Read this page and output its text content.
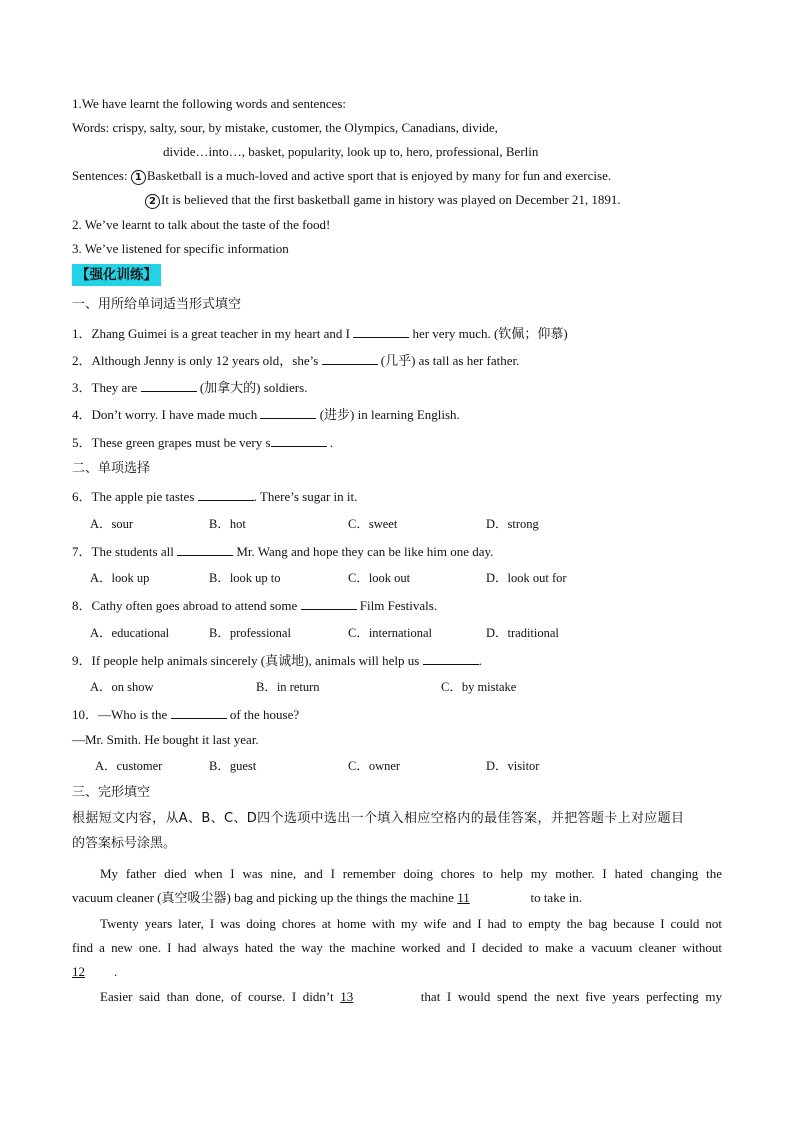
1.We have learnt the following words and sentences:
Words: crispy, salty, sour, by mistake, customer, the Olympics, Canadians, divide,
divide…into…, basket, popularity, look up to, hero, professional, Berlin
Sentences: 1 Basketball is a much-loved and active sport that is enjoyed by many for fun and exercise.
2 It is believed that the first basketball game in history was played on December 21, 1891.
2. We’ve learnt to talk about the taste of the food!
3. We’ve listened for specific information
【强化训练】
一、用所给单词适当形式填空
1．Zhang Guimei is a great teacher in my heart and I	her very much. (钦佩；仰慕)
2．Although Jenny is only 12 years old，she’s	(几乎) as tall as her father.
3．They are	(加拿大的) soldiers.
4．Don’t worry. I have made much	(进步) in learning English.
5．These green grapes must be very s	.
二、单项选择
6．The apple pie tastes	. There’s sugar in it.
A．sour	B．hot	C．sweet	D．strong
7．The students all	Mr. Wang and hope they can be like him one day.
A．look up	B．look up to	C．look out	D．look out for
8．Cathy often goes abroad to attend some	Film Festivals.
A．educational	B．professional	C．international	D．traditional
9．If people help animals sincerely (真诚地), animals will help us	.
A．on show	B．in return	C．by mistake
10．—Who is the	of the house?
—Mr. Smith. He bought it last year.
A．customer	B．guest	C．owner	D．visitor
三、完形填空
根据短文内容，从A、B、C、D四个选项中选出一个填入相应空格内的最佳答案，并把答题卡上对应题目
的答案标号涂黑。
My father died when I was nine, and I remember doing chores to help my mother. I hated changing the
vacuum cleaner (真空吸尘器) bag and picking up the things the machine 11	to take in.
Twenty years later, I was doing chores at home with my wife and I had to empty the bag because I could not
find a new one. I had always hated the way the machine worked and I decided to make a vacuum cleaner without
12 .
Easier said than done, of course. I didn’t 13	that I would spend the next five years perfecting my
